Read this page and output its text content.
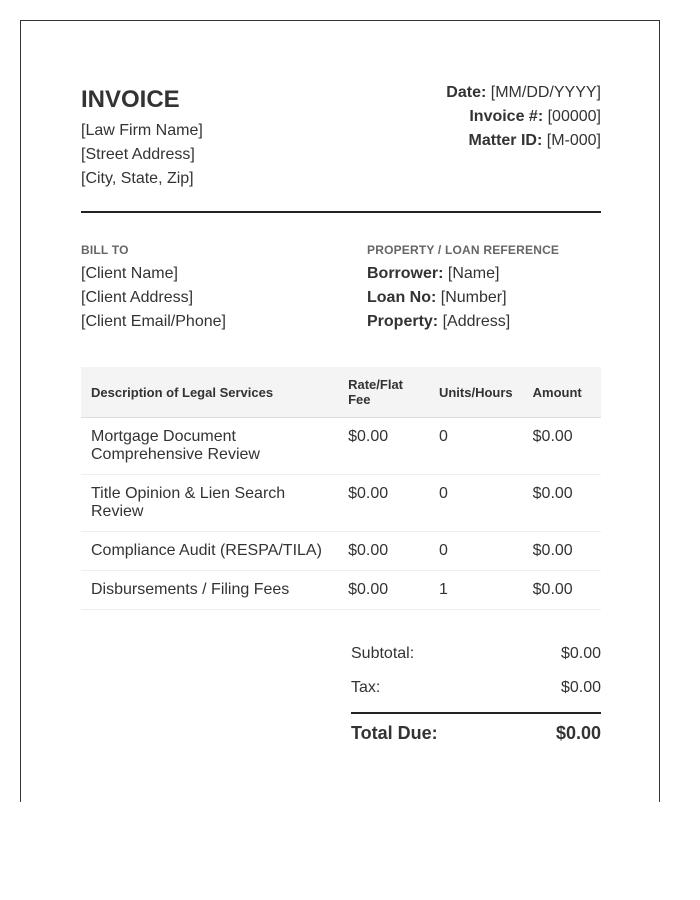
INVOICE
[Law Firm Name]
[Street Address]
[City, State, Zip]
Date: [MM/DD/YYYY]
Invoice #: [00000]
Matter ID: [M-000]
BILL TO
[Client Name]
[Client Address]
[Client Email/Phone]
PROPERTY / LOAN REFERENCE
Borrower: [Name]
Loan No: [Number]
Property: [Address]
Description of Legal Services	Rate/Flat Fee	Units/Hours	Amount
Mortgage Document Comprehensive Review	$0.00	0	$0.00
Title Opinion & Lien Search Review	$0.00	0	$0.00
Compliance Audit (RESPA/TILA)	$0.00	0	$0.00
Disbursements / Filing Fees	$0.00	1	$0.00
Subtotal:	$0.00
Tax:	$0.00
Total Due:	$0.00
